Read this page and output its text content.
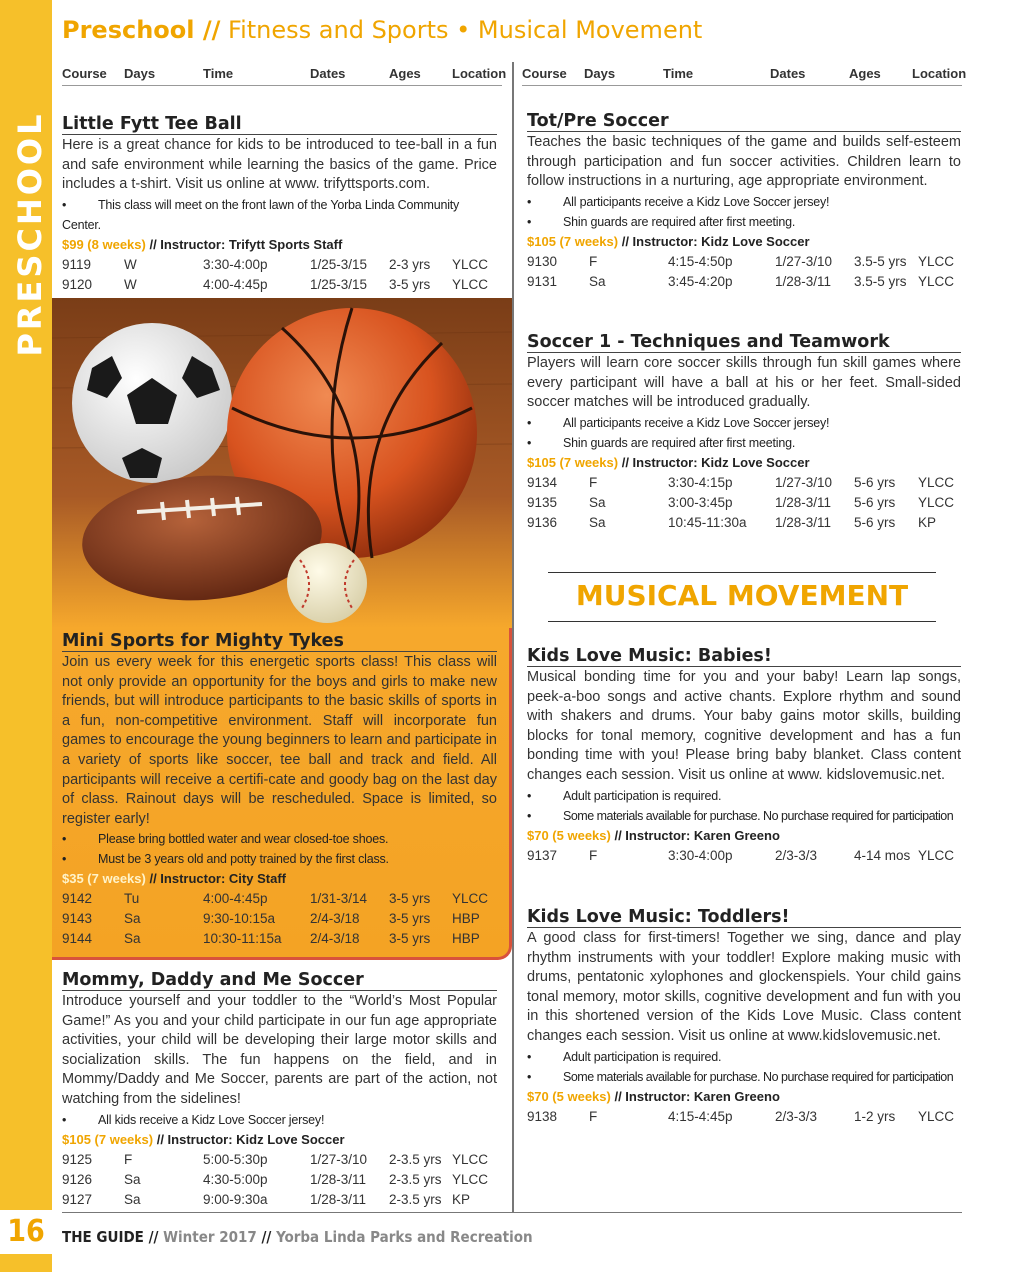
PRESCHOOL
16
Preschool // Fitness and Sports • Musical Movement
Course Days	Time	Dates	Ages Location Course Days	Time	Dates	Ages Location
Little Fytt Tee Ball
Here is a great chance for kids to be introduced to tee-ball in a fun and safe environment while learning the basics of the game. Price includes a t-shirt. Visit us online at www. trifyttsports.com.
•	This class will meet on the front lawn of the Yorba Linda Community Center.
$99 (8 weeks) // Instructor: Trifytt Sports Staff
9119 W	3:30-4:00p	1/25-3/15 2-3 yrs YLCC
9120 W	4:00-4:45p	1/25-3/15 3-5 yrs YLCC
Mini Sports for Mighty Tykes
Join us every week for this energetic sports class! This class will not only provide an opportunity for the boys and girls to make new friends, but will introduce participants to the basic skills of sports in a fun, non-competitive environment. Staff will incorporate fun games to encourage the young beginners to learn and participate in a variety of sports like soccer, tee ball and track and field. All participants will receive a certifi-cate and goody bag on the last day of class. Rainout days will be rescheduled. Space is limited, so register early!
•	Please bring bottled water and wear closed-toe shoes.
•	Must be 3 years old and potty trained by the first class.
$35 (7 weeks) // Instructor: City Staff
9142 Tu	4:00-4:45p	1/31-3/14 3-5 yrs YLCC
9143 Sa	9:30-10:15a	2/4-3/18 3-5 yrs HBP
9144 Sa	10:30-11:15a 2/4-3/18 3-5 yrs HBP
Mommy, Daddy and Me Soccer
Introduce yourself and your toddler to the “World’s Most Popular Game!” As you and your child participate in our fun age appropriate activities, your child will be developing their large motor skills and socialization skills. The fun happens on the field, and in Mommy/Daddy and Me Soccer, parents are part of the action, not watching from the sidelines!
•	All kids receive a Kidz Love Soccer jersey!
$105 (7 weeks) // Instructor: Kidz Love Soccer
9125 F	5:00-5:30p	1/27-3/10 2-3.5 yrs YLCC
9126 Sa	4:30-5:00p	1/28-3/11 2-3.5 yrs YLCC
9127 Sa	9:00-9:30a	1/28-3/11 2-3.5 yrs KP
Tot/Pre Soccer
Teaches the basic techniques of the game and builds self-esteem through participation and fun soccer activities. Children learn to follow instructions in a nurturing, age appropriate environment.
•	All participants receive a Kidz Love Soccer jersey!
•	Shin guards are required after first meeting.
$105 (7 weeks) // Instructor: Kidz Love Soccer
9130 F	4:15-4:50p	1/27-3/10 3.5-5 yrs YLCC
9131 Sa	3:45-4:20p	1/28-3/11 3.5-5 yrs YLCC
Soccer 1 - Techniques and Teamwork
Players will learn core soccer skills through fun skill games where every participant will have a ball at his or her feet. Small-sided soccer matches will be introduced gradually.
•	All participants receive a Kidz Love Soccer jersey!
•	Shin guards are required after first meeting.
$105 (7 weeks) // Instructor: Kidz Love Soccer
9134 F	3:30-4:15p	1/27-3/10 5-6 yrs YLCC
9135 Sa	3:00-3:45p	1/28-3/11 5-6 yrs YLCC
9136 Sa	10:45-11:30a 1/28-3/11 5-6 yrs KP
MUSICAL MOVEMENT
Kids Love Music: Babies!
Musical bonding time for you and your baby! Learn lap songs, peek-a-boo songs and active chants. Explore rhythm and sound with shakers and drums. Your baby gains motor skills, building blocks for tonal memory, cognitive development and has a fun bonding time with you! Please bring baby blanket. Class content changes each session. Visit us online at www. kidslovemusic.net.
•	Adult participation is required.
•	Some materials available for purchase. No purchase required for participation
$70 (5 weeks) // Instructor: Karen Greeno
9137 F	3:30-4:00p	2/3-3/3	4-14 mos YLCC
Kids Love Music: Toddlers!
A good class for first-timers! Together we sing, dance and play rhythm instruments with your toddler! Explore making music with drums, pentatonic xylophones and glockenspiels. Your child gains tonal memory, motor skills, cognitive development and fun with you in this shortened version of the Kids Love Music. Class content changes each session. Visit us online at www.kidslovemusic.net.
•	Adult participation is required.
•	Some materials available for purchase. No purchase required for participation
$70 (5 weeks) // Instructor: Karen Greeno
9138 F	4:15-4:45p	2/3-3/3	1-2 yrs YLCC
THE GUIDE // Winter 2017 // Yorba Linda Parks and Recreation
